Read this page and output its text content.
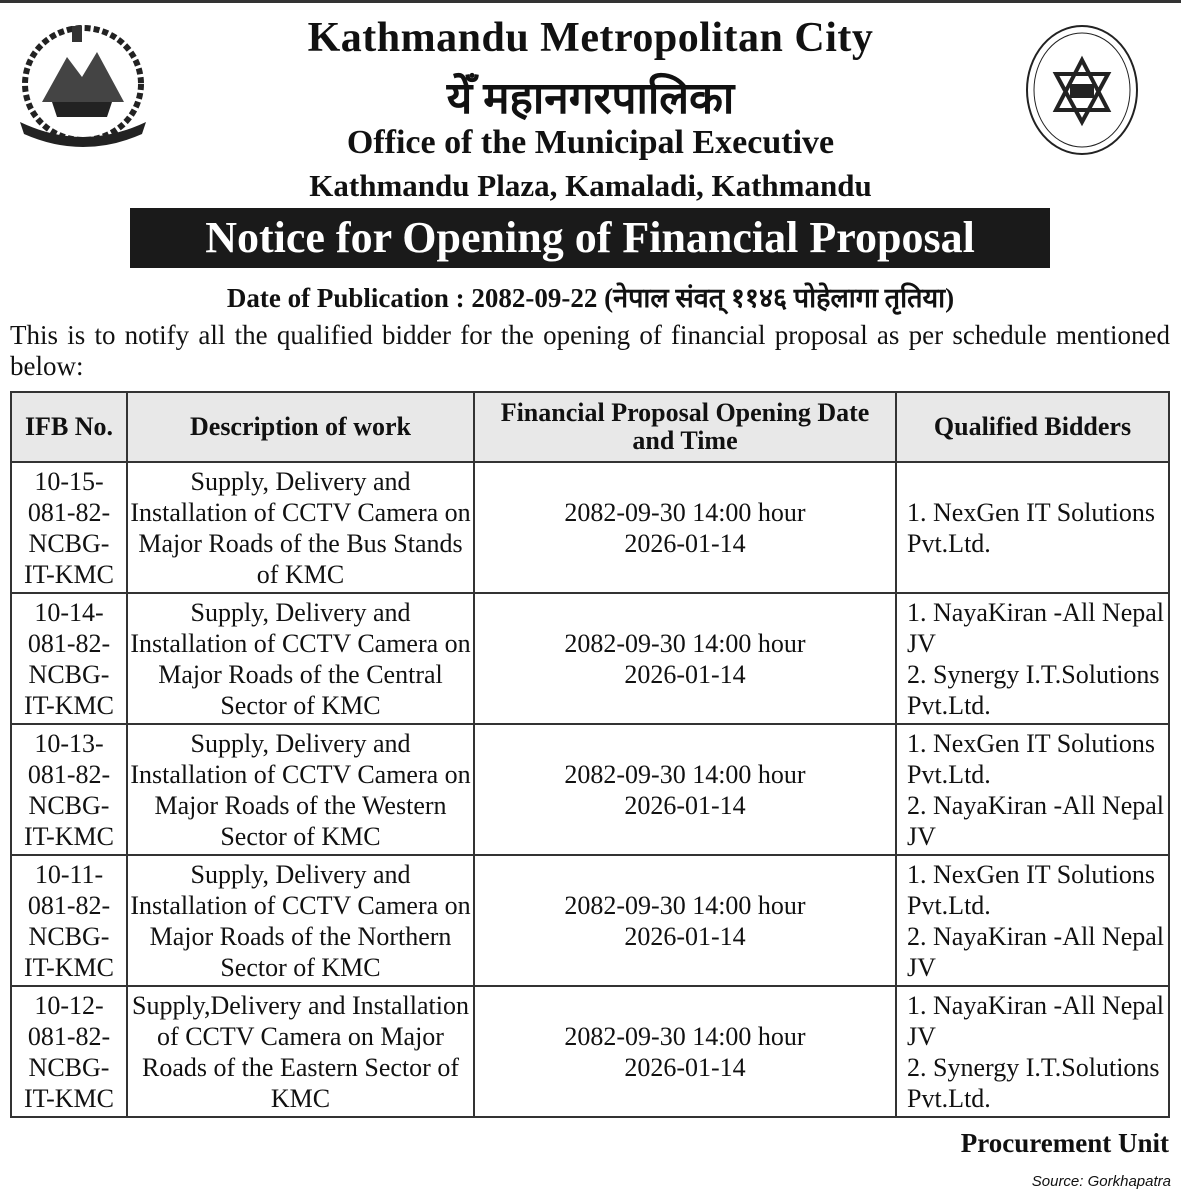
Kathmandu Metropolitan City
येँ महानगरपालिका
Office of the Municipal Executive
Kathmandu Plaza, Kamaladi, Kathmandu
Notice for Opening of Financial Proposal
Date of Publication : 2082-09-22 (नेपाल संवत् ११४६ पोहेलागा तृतिया)
This is to notify all the qualified bidder for the opening of financial proposal as per schedule mentioned below:
IFB No.	Description of work	Financial Proposal Opening Date and Time	Qualified Bidders
10-15-081-82-NCBG-IT-KMC	Supply, Delivery and Installation of CCTV Camera on Major Roads of the Bus Stands of KMC	2082-09-30 14:00 hour 2026-01-14	1. NexGen IT Solutions Pvt.Ltd.

10-14-081-82-NCBG-IT-KMC	Supply, Delivery and Installation of CCTV Camera on Major Roads of the Central Sector of KMC	2082-09-30 14:00 hour 2026-01-14	1. NayaKiran -All Nepal JV
2. Synergy I.T.Solutions Pvt.Ltd.

10-13-081-82-NCBG-IT-KMC	Supply, Delivery and Installation of CCTV Camera on Major Roads of the Western Sector of KMC	2082-09-30 14:00 hour 2026-01-14	1. NexGen IT Solutions Pvt.Ltd.
2. NayaKiran -All Nepal JV

10-11-081-82-NCBG-IT-KMC	Supply, Delivery and Installation of CCTV Camera on Major Roads of the Northern Sector of KMC	2082-09-30 14:00 hour 2026-01-14	1. NexGen IT Solutions Pvt.Ltd.
2. NayaKiran -All Nepal JV

10-12-081-82-NCBG-IT-KMC	Supply,Delivery and Installation of CCTV Camera on Major Roads of the Eastern Sector of KMC	2082-09-30 14:00 hour 2026-01-14	1. NayaKiran -All Nepal JV
2. Synergy I.T.Solutions Pvt.Ltd.
Procurement Unit
Source: Gorkhapatra
